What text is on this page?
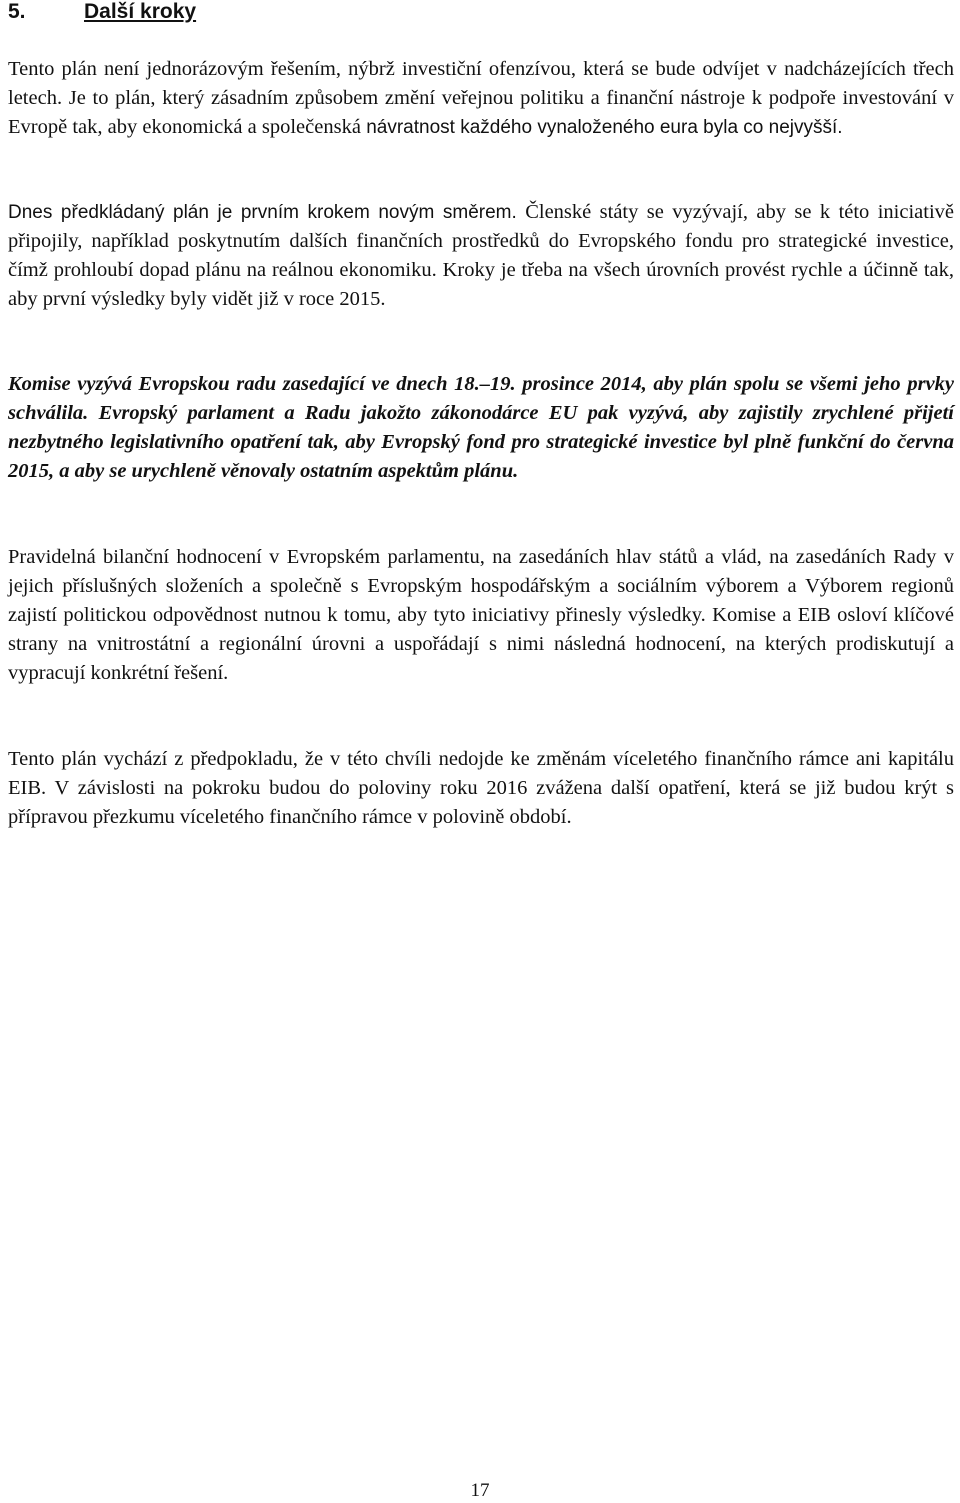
5.	Další kroky

Tento plán není jednorázovým řešením, nýbrž investiční ofenzívou, která se bude odvíjet v nadcházejících třech letech. Je to plán, který zásadním způsobem změní veřejnou politiku a finanční nástroje k podpoře investování v Evropě tak, aby ekonomická a společenská návratnost každého vynaloženého eura byla co nejvyšší.

Dnes předkládaný plán je prvním krokem novým směrem. Členské státy se vyzývají, aby se k této iniciativě připojily, například poskytnutím dalších finančních prostředků do Evropského fondu pro strategické investice, čímž prohloubí dopad plánu na reálnou ekonomiku. Kroky je třeba na všech úrovních provést rychle a účinně tak, aby první výsledky byly vidět již v roce 2015.

Komise vyzývá Evropskou radu zasedající ve dnech 18.–19. prosince 2014, aby plán spolu se všemi jeho prvky schválila. Evropský parlament a Radu jakožto zákonodárce EU pak vyzývá, aby zajistily zrychlené přijetí nezbytného legislativního opatření tak, aby Evropský fond pro strategické investice byl plně funkční do června 2015, a aby se urychleně věnovaly ostatním aspektům plánu.

Pravidelná bilanční hodnocení v Evropském parlamentu, na zasedáních hlav států a vlád, na zasedáních Rady v jejich příslušných složeních a společně s Evropským hospodářským a sociálním výborem a Výborem regionů zajistí politickou odpovědnost nutnou k tomu, aby tyto iniciativy přinesly výsledky. Komise a EIB osloví klíčové strany na vnitrostátní a regionální úrovni a uspořádají s nimi následná hodnocení, na kterých prodiskutují a vypracují konkrétní řešení.

Tento plán vychází z předpokladu, že v této chvíli nedojde ke změnám víceletého finančního rámce ani kapitálu EIB. V závislosti na pokroku budou do poloviny roku 2016 zvážena další opatření, která se již budou krýt s přípravou přezkumu víceletého finančního rámce v polovině období.

17
